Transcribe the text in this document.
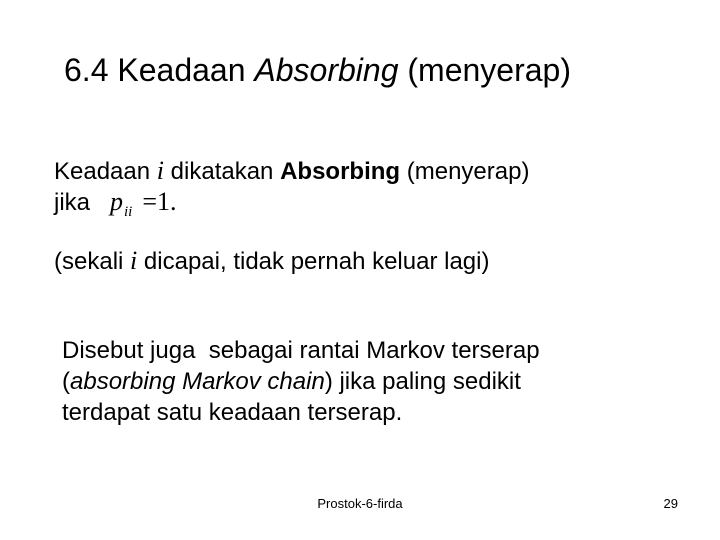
6.4 Keadaan Absorbing (menyerap)
Keadaan i dikatakan Absorbing (menyerap)
jika $p_{ii} =1$.
(sekali i dicapai, tidak pernah keluar lagi)
Disebut juga  sebagai rantai Markov terserap
(absorbing Markov chain) jika paling sedikit
terdapat satu keadaan terserap.
Prostok-6-firda	29
